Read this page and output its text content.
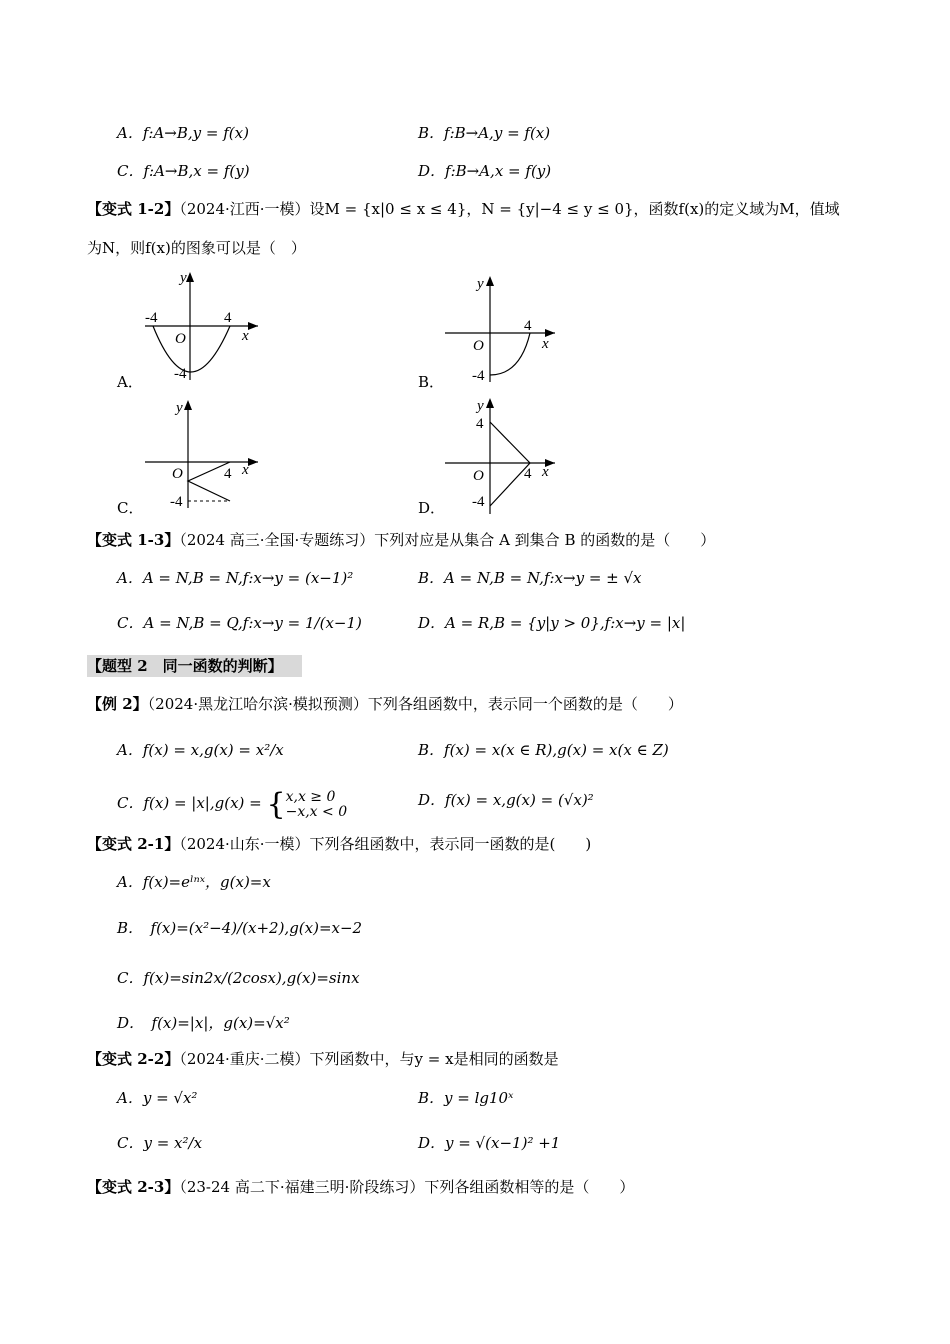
A．f:A→B,y = f(x)	B．f:B→A,y = f(x)
C．f:A→B,x = f(y)	D．f:B→A,x = f(y)
【变式 1-2】（2024·江西·一模）设M = {x|0 ≤ x ≤ 4}，N = {y|−4 ≤ y ≤ 0}，函数f(x)的定义域为M，值域
为N，则f(x)的图象可以是（　）
A．
y
x
O
-4	4
-4	B．
y
x
O
4
-4
C．
y
x
O	4
-4	D．
y
x
O	4
4
-4
【变式 1-3】（2024 高三·全国·专题练习）下列对应是从集合 A 到集合 B 的函数的是（　　）
A．A = N,B = N,f:x→y = (x−1)²	B．A = N,B = N,f:x→y = ± √x
C．A = N,B = Q,f:x→y = 1/(x−1)	D．A = R,B = {y|y > 0},f:x→y = |x|
【题型 2　同一函数的判断】
【例 2】（2024·黑龙江哈尔滨·模拟预测）下列各组函数中，表示同一个函数的是（　　）
A．f(x) = x,g(x) = x²/x	B．f(x) = x(x ∈ R),g(x) = x(x ∈ Z)
C．f(x) = |x|,g(x) = { x,x ≥ 0
−x,x < 0
D．f(x) = x,g(x) = (√x)²
【变式 2-1】（2024·山东·一模）下列各组函数中，表示同一函数的是(　　)
A．f(x)=eˡⁿˣ，g(x)=x
B．　f(x)=(x²−4)/(x+2),g(x)=x−2
C．f(x)=sin2x/(2cosx),g(x)=sinx
D．　f(x)=|x|，g(x)=√x²
【变式 2-2】（2024·重庆·二模）下列函数中，与y = x是相同的函数是
A．y = √x²	B．y = lg10ˣ
C．y = x²/x	D．y = √(x−1)² +1
【变式 2-3】（23-24 高二下·福建三明·阶段练习）下列各组函数相等的是（　　）
